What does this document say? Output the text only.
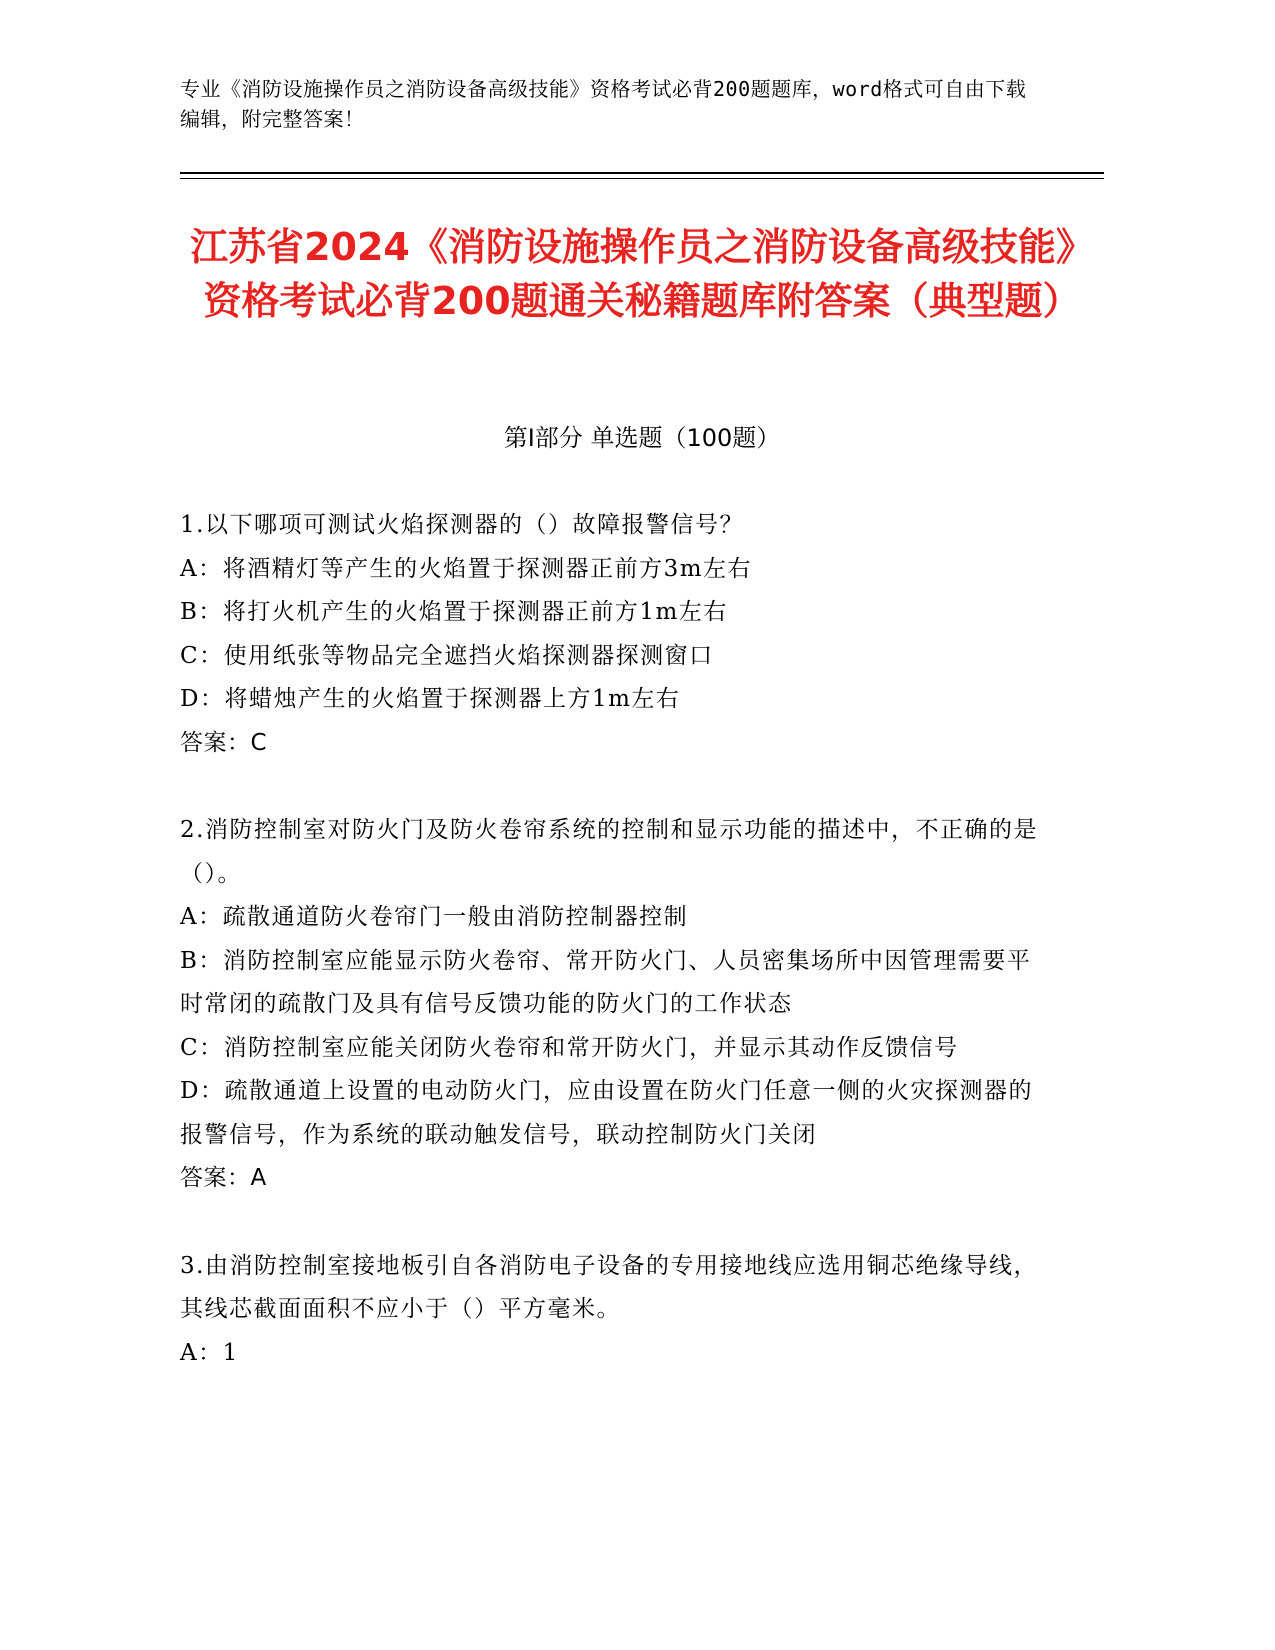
专业《消防设施操作员之消防设备高级技能》资格考试必背200题题库，word格式可自由下载编辑，附完整答案！
江苏省2024《消防设施操作员之消防设备高级技能》资格考试必背200题通关秘籍题库附答案（典型题）
第Ⅰ部分 单选题（100题）

1.以下哪项可测试火焰探测器的（）故障报警信号？

A：将酒精灯等产生的火焰置于探测器正前方3m左右

B：将打火机产生的火焰置于探测器正前方1m左右

C：使用纸张等物品完全遮挡火焰探测器探测窗口

D：将蜡烛产生的火焰置于探测器上方1m左右

答案：C

2.消防控制室对防火门及防火卷帘系统的控制和显示功能的描述中，不正确的是（）。

A：疏散通道防火卷帘门一般由消防控制器控制

B：消防控制室应能显示防火卷帘、常开防火门、人员密集场所中因管理需要平时常闭的疏散门及具有信号反馈功能的防火门的工作状态

C：消防控制室应能关闭防火卷帘和常开防火门，并显示其动作反馈信号

D：疏散通道上设置的电动防火门，应由设置在防火门任意一侧的火灾探测器的报警信号，作为系统的联动触发信号，联动控制防火门关闭

答案：A

3.由消防控制室接地板引自各消防电子设备的专用接地线应选用铜芯绝缘导线，其线芯截面面积不应小于（）平方毫米。

A：1
